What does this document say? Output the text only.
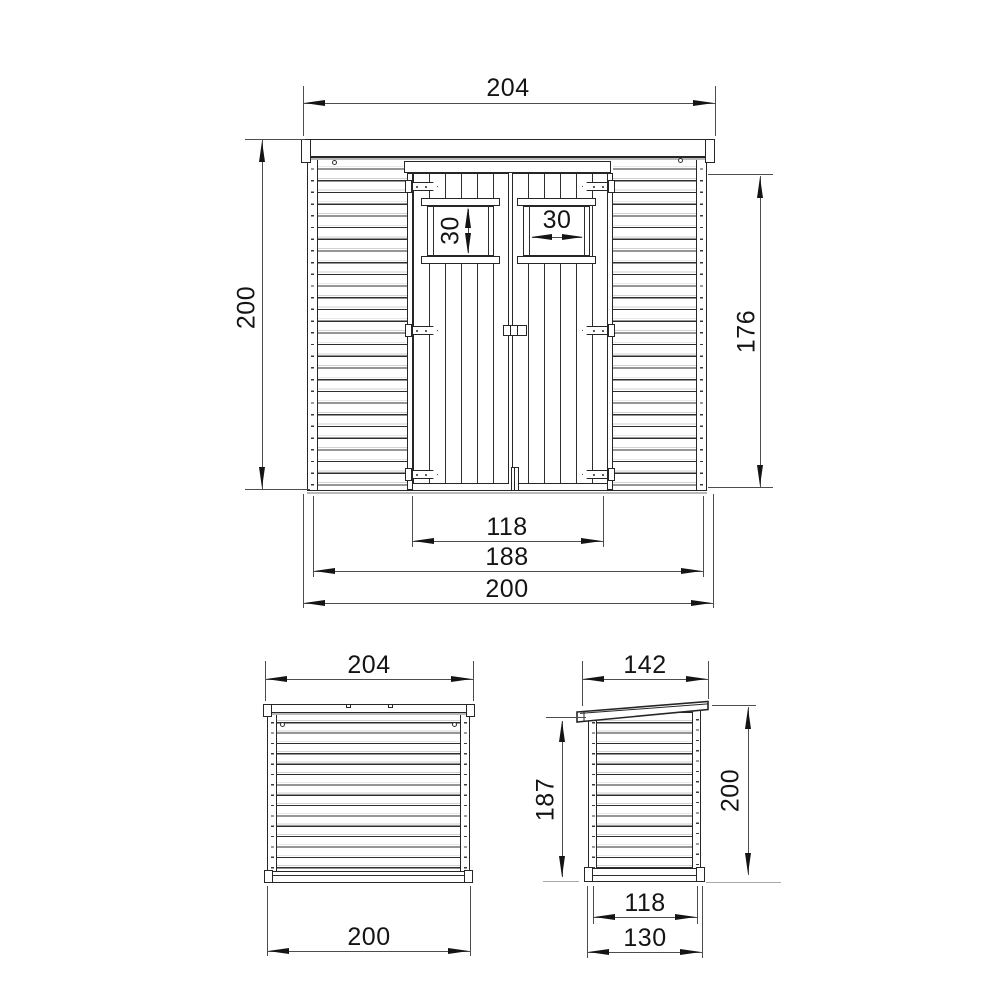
204
200
176
30	30
118
188
200
204
200
142
187	200
118
130
